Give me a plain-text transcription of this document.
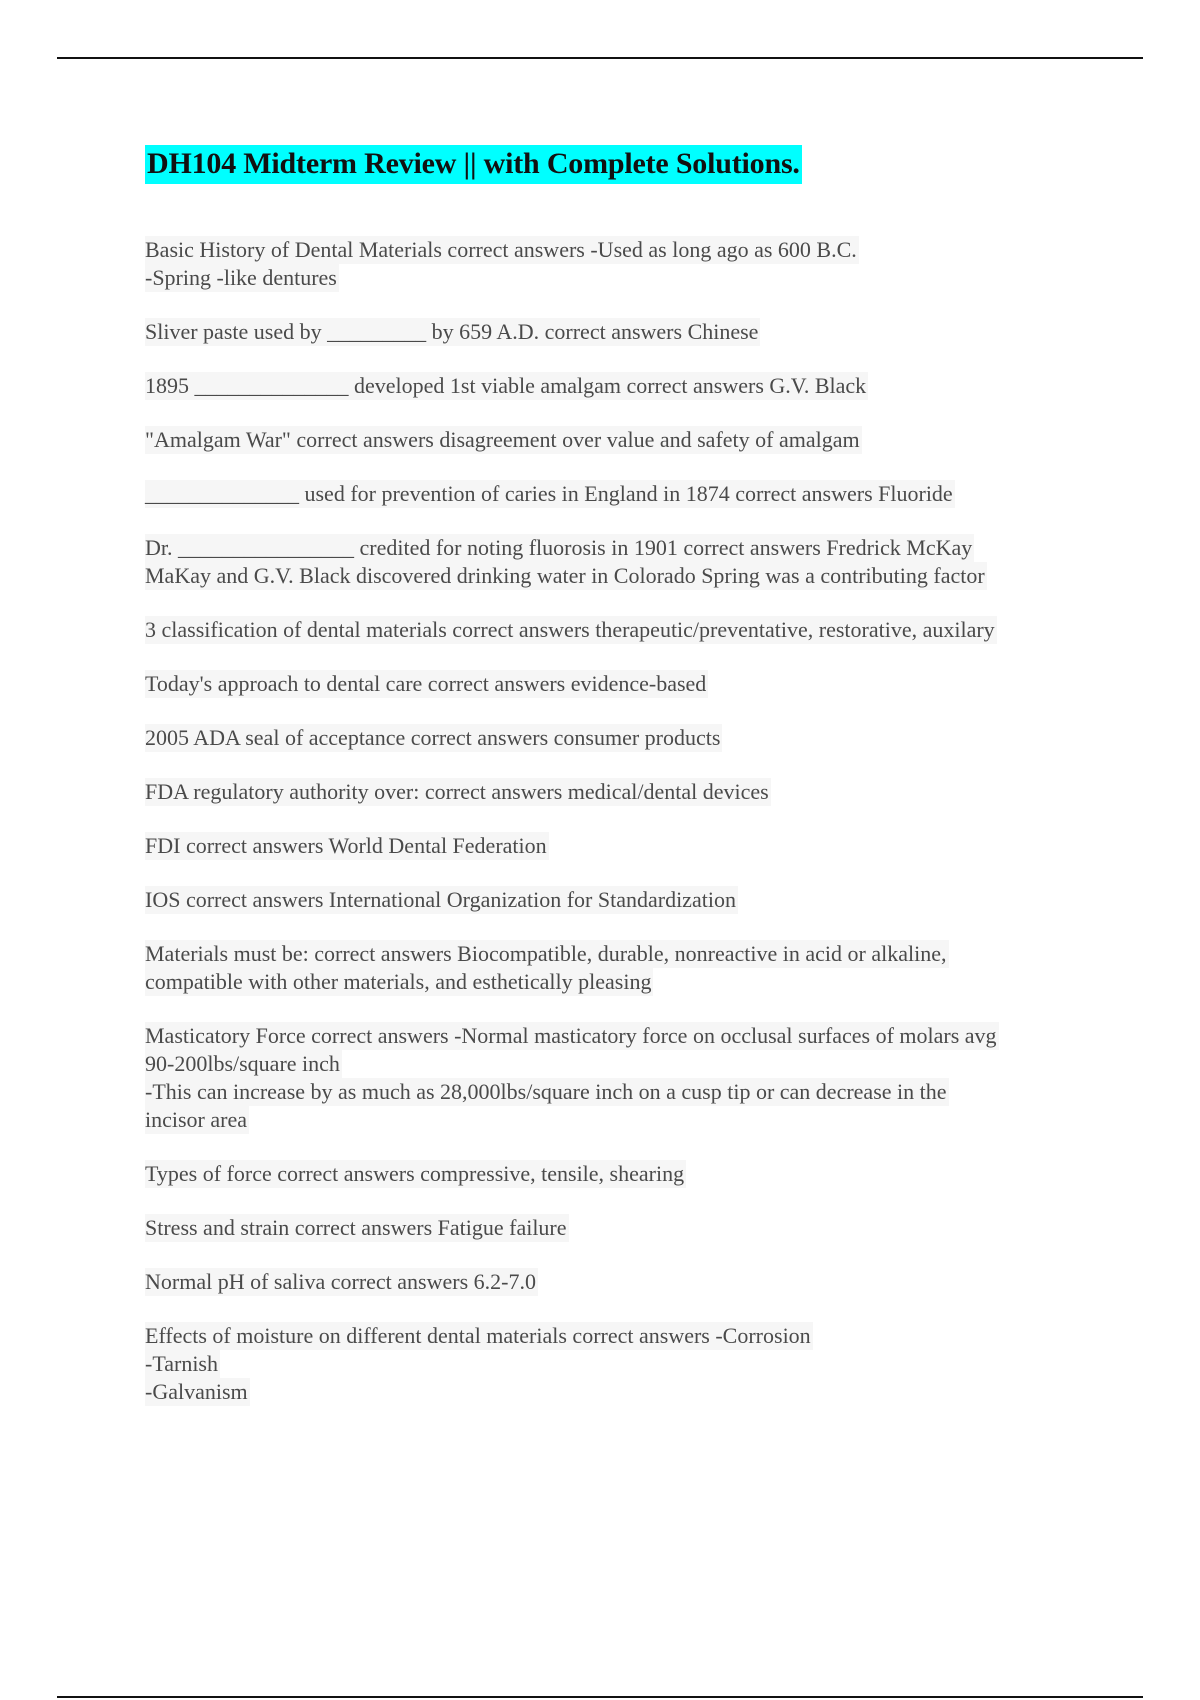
DH104 Midterm Review || with Complete Solutions.

Basic History of Dental Materials correct answers -Used as long ago as 600 B.C.
-Spring -like dentures

Sliver paste used by _________ by 659 A.D. correct answers Chinese

1895 ______________ developed 1st viable amalgam correct answers G.V. Black

"Amalgam War" correct answers disagreement over value and safety of amalgam

______________ used for prevention of caries in England in 1874 correct answers Fluoride

Dr. ________________ credited for noting fluorosis in 1901 correct answers Fredrick McKay
MaKay and G.V. Black discovered drinking water in Colorado Spring was a contributing factor

3 classification of dental materials correct answers therapeutic/preventative, restorative, auxilary

Today's approach to dental care correct answers evidence-based

2005 ADA seal of acceptance correct answers consumer products

FDA regulatory authority over: correct answers medical/dental devices

FDI correct answers World Dental Federation

IOS correct answers International Organization for Standardization

Materials must be: correct answers Biocompatible, durable, nonreactive in acid or alkaline,
compatible with other materials, and esthetically pleasing

Masticatory Force correct answers -Normal masticatory force on occlusal surfaces of molars avg
90-200lbs/square inch
-This can increase by as much as 28,000lbs/square inch on a cusp tip or can decrease in the
incisor area

Types of force correct answers compressive, tensile, shearing

Stress and strain correct answers Fatigue failure

Normal pH of saliva correct answers 6.2-7.0

Effects of moisture on different dental materials correct answers -Corrosion
-Tarnish
-Galvanism
